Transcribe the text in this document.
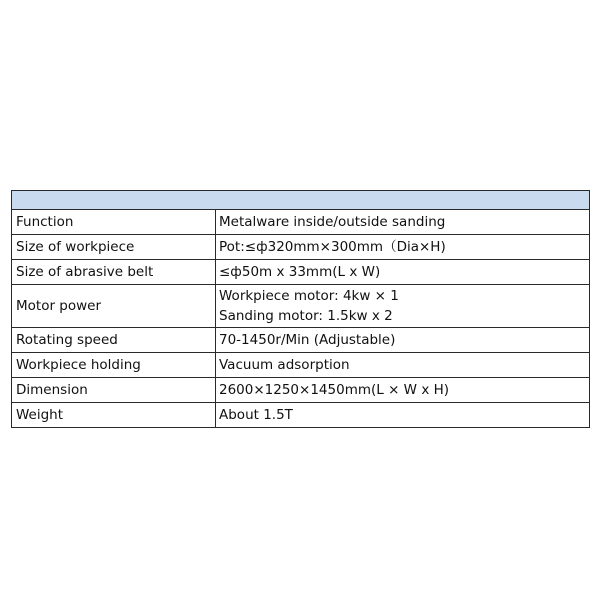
Function	Metalware inside/outside sanding

Size of workpiece	Pot:≤ф320mm×300mm（Dia×H)

Size of abrasive belt	≤ф50m x 33mm(L x W)

Motor power	Workpiece motor: 4kw × 1
Sanding motor: 1.5kw x 2

Rotating speed	70-1450r/Min (Adjustable)

Workpiece holding	Vacuum adsorption

Dimension	2600×1250×1450mm(L × W x H)

Weight	About 1.5T
